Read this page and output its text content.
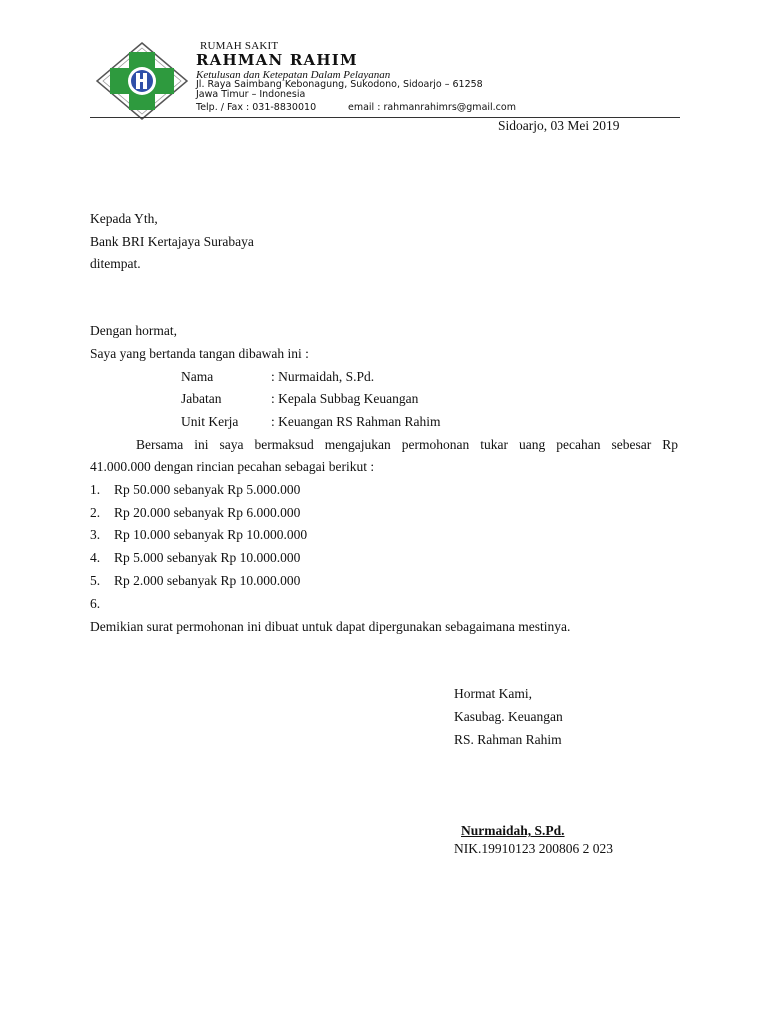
RUMAH SAKIT
RAHMAN RAHIM
Ketulusan dan Ketepatan Dalam Pelayanan
Jl. Raya Saimbang Kebonagung, Sukodono, Sidoarjo – 61258
Jawa Timur – Indonesia
Telp. / Fax : 031-8830010	email : rahmanrahimrs@gmail.com
Sidoarjo, 03 Mei 2019
Kepada Yth,
Bank BRI Kertajaya Surabaya
ditempat.
Dengan hormat,
Saya yang bertanda tangan dibawah ini :
Nama	: Nurmaidah, S.Pd.
Jabatan	: Kepala Subbag Keuangan
Unit Kerja : Keuangan RS Rahman Rahim
Bersama ini saya bermaksud mengajukan permohonan tukar uang pecahan sebesar Rp
41.000.000 dengan rincian pecahan sebagai berikut :
1. Rp 50.000 sebanyak Rp 5.000.000
2. Rp 20.000 sebanyak Rp 6.000.000
3. Rp 10.000 sebanyak Rp 10.000.000
4. Rp 5.000 sebanyak Rp 10.000.000
5. Rp 2.000 sebanyak Rp 10.000.000
6.
Demikian surat permohonan ini dibuat untuk dapat dipergunakan sebagaimana mestinya.
Hormat Kami,
Kasubag. Keuangan
RS. Rahman Rahim
Nurmaidah, S.Pd.
NIK.19910123 200806 2 023
